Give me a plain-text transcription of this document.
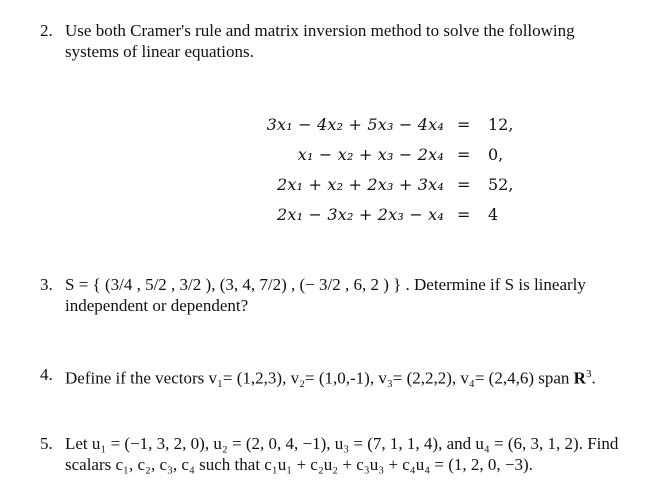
2. Use both Cramer's rule and matrix inversion method to solve the following
systems of linear equations.
3x₁ − 4x₂ + 5x₃ − 4x₄ = 12,
x₁ − x₂ + x₃ − 2x₄ = 0,
2x₁ + x₂ + 2x₃ + 3x₄ = 52,
2x₁ − 3x₂ + 2x₃ − x₄ = 4
3. S = { (3/4 , 5/2 , 3/2 ), (3, 4, 7/2) , (− 3/2 , 6, 2 ) } . Determine if S is linearly
independent or dependent?
4. Define if the vectors v₁= (1,2,3), v₂= (1,0,-1), v₃= (2,2,2), v₄= (2,4,6) span $R^3$.
5. Let u₁ = (−1, 3, 2, 0), u₂ = (2, 0, 4, −1), u₃ = (7, 1, 1, 4), and u₄ = (6, 3, 1, 2). Find
scalars c₁, c₂, c₃, c₄ such that c₁u₁ + c₂u₂ + c₃u₃ + c₄u₄ = (1, 2, 0, −3).
